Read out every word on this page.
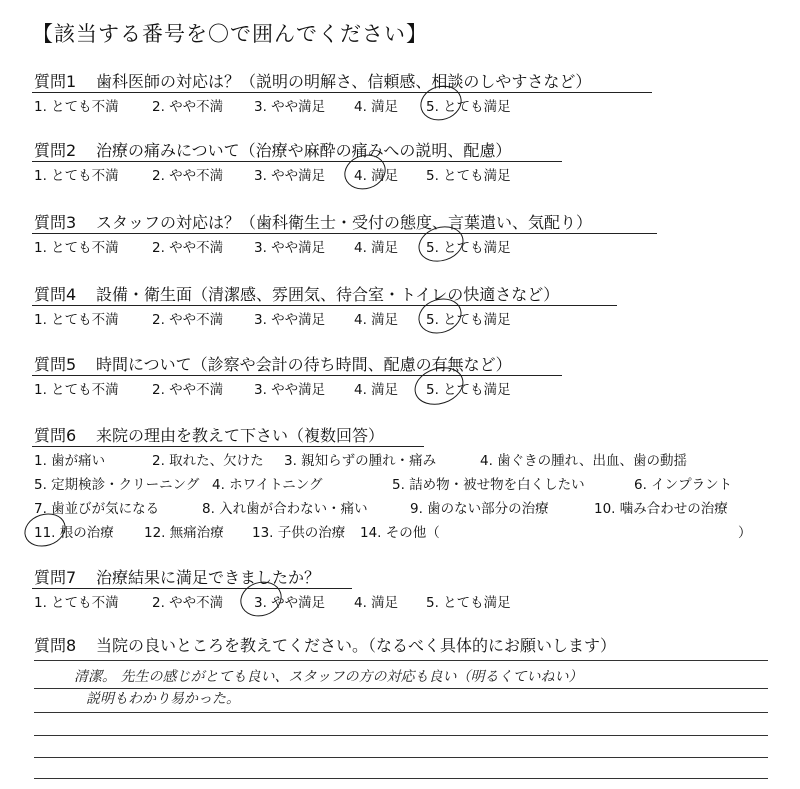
【該当する番号を〇で囲んでください】
質問1 歯科医師の対応は？（説明の明解さ、信頼感、相談のしやすさなど）
1. とても不満 2. やや不満 3. やや満足 4. 満足 5. とても満足
質問2 治療の痛みについて（治療や麻酔の痛みへの説明、配慮）
1. とても不満 2. やや不満 3. やや満足 4. 満足 5. とても満足
質問3 スタッフの対応は？（歯科衛生士・受付の態度、言葉遣い、気配り）
1. とても不満 2. やや不満 3. やや満足 4. 満足 5. とても満足
質問4 設備・衛生面（清潔感、雰囲気、待合室・トイレの快適さなど）
1. とても不満 2. やや不満 3. やや満足 4. 満足 5. とても満足
質問5 時間について（診察や会計の待ち時間、配慮の有無など）
1. とても不満 2. やや不満 3. やや満足 4. 満足 5. とても満足
質問6 来院の理由を教えて下さい（複数回答）
1. 歯が痛い	2. 取れた、欠けた 3. 親知らずの腫れ・痛み	4. 歯ぐきの腫れ、出血、歯の動揺
5. 定期検診・クリーニング 4. ホワイトニング	5. 詰め物・被せ物を白くしたい	6. インプラント
7. 歯並びが気になる	8. 入れ歯が合わない・痛い	9. 歯のない部分の治療	10. 噛み合わせの治療
11. 根の治療 12. 無痛治療 13. 子供の治療 14. その他（	）
質問7 治療結果に満足できましたか？
1. とても不満 2. やや不満 3. やや満足 4. 満足 5. とても満足
質問8 当院の良いところを教えてください。（なるべく具体的にお願いします）
清潔。 先生の感じがとても良い、スタッフの方の対応も良い（明るくていねい）
説明もわかり易かった。
